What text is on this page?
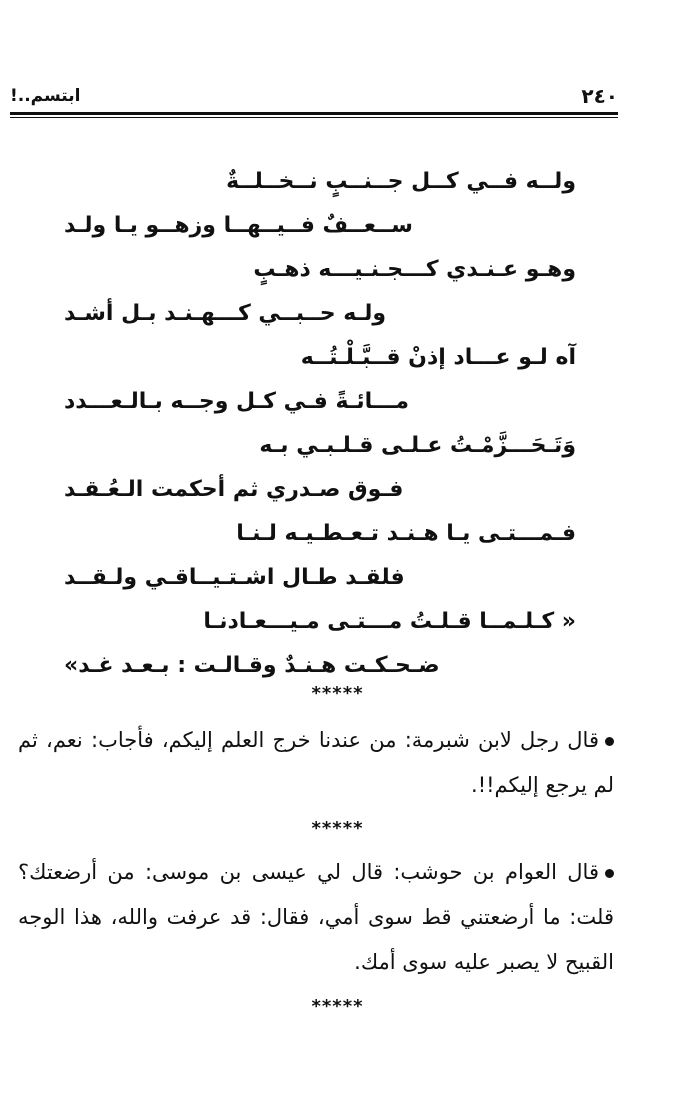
٢٤٠
ابتسم..!
ولــه فــي كــل جــنــبٍ نــخــلــةٌ
ســعــفٌ فــيــهــا وزهــو يـا ولـد
وهـو عـنـدي كـــجـنـيـــه ذهـبٍ
ولـه حــبــي كـــهـنـد بـل أشـد
آه لـو عـــاد إذنْ قــبَّـلْـتُــه
مـــائـةً فـي كـل وجــه بـالـعـــدد
وَتَـحَـــزَّمْـتُ عـلـى قـلـبـي بـه
فـوق صـدري ثم أحكمت الـعُـقـد
فـمـــتـى يـا هـنـد تـعـطـيـه لـنـا
فلقـد طـال اشـتـيــاقـي ولـقــد
« كـلـمــا قـلـتُ مـــتـى مـيـــعـادنـا
ضـحـكـت هـنـدٌ وقـالـت : بـعـد غـد»
*****
قال رجل لابن شبرمة: من عندنا خرج العلم إليكم، فأجاب: نعم، ثم لم يرجع إليكم!!.
*****
قال العوام بن حوشب: قال لي عيسى بن موسى: من أرضعتك؟ قلت: ما أرضعتني قط سوى أمي، فقال: قد عرفت والله، هذا الوجه القبيح لا يصبر عليه سوى أمك.
*****
